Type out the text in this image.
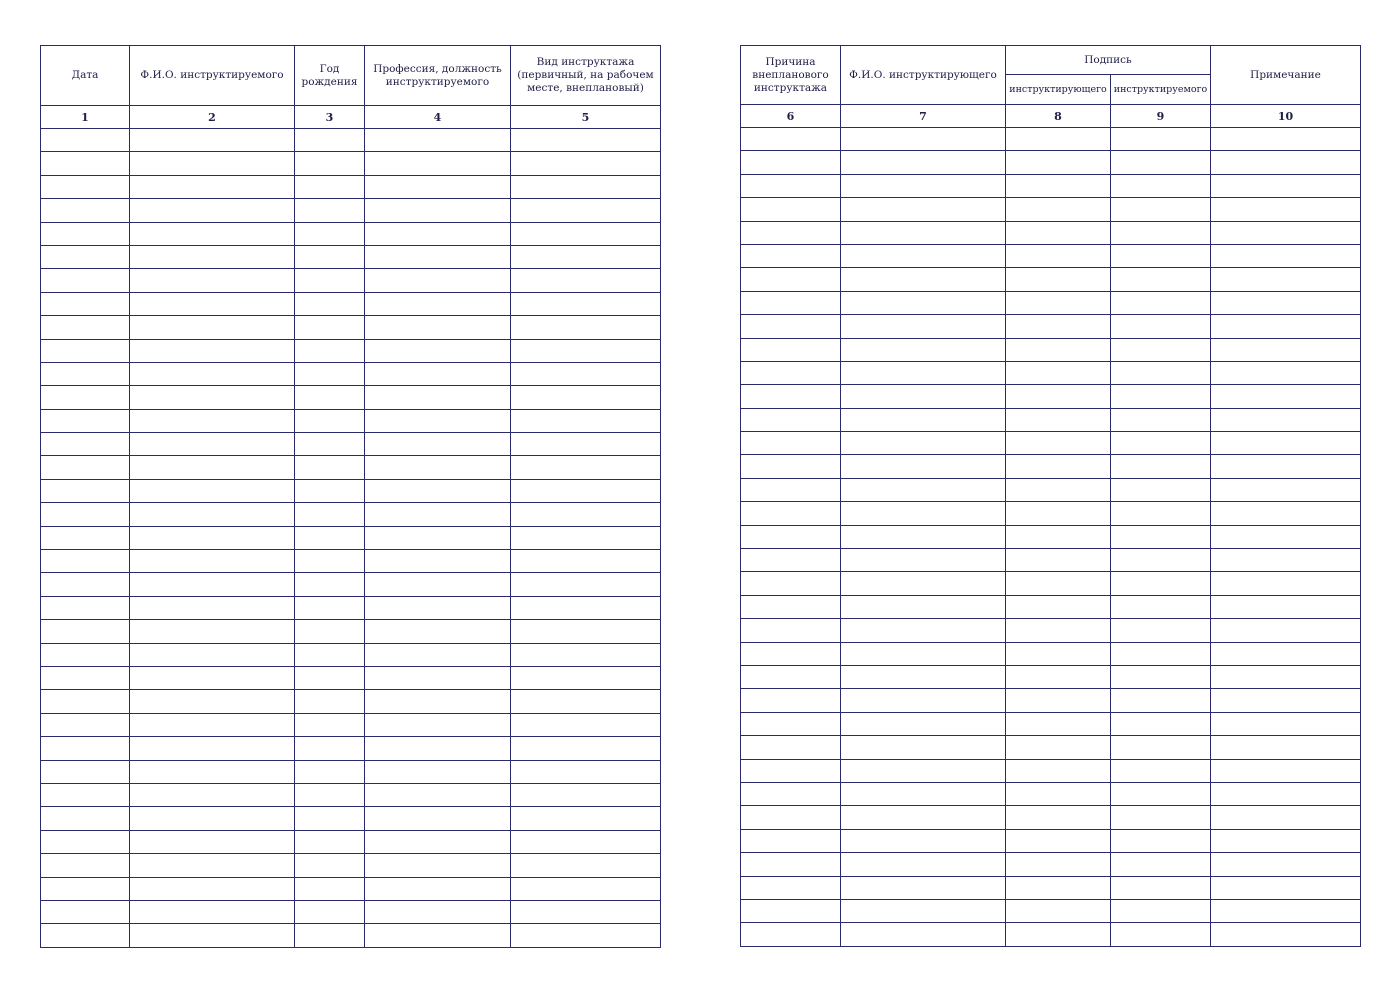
Дата	Ф.И.О. инструктируемого	Год рождения	Профессия, должность инструктируемого	Вид инструктажа (первичный, на рабочем месте, внеплановый)
1	2	3	4	5

Причина внепланового инструктажа	Ф.И.О. инструктирующего	Подпись		Примечание
		инструктирующего	инструктируемого	
6	7	8	9	10
